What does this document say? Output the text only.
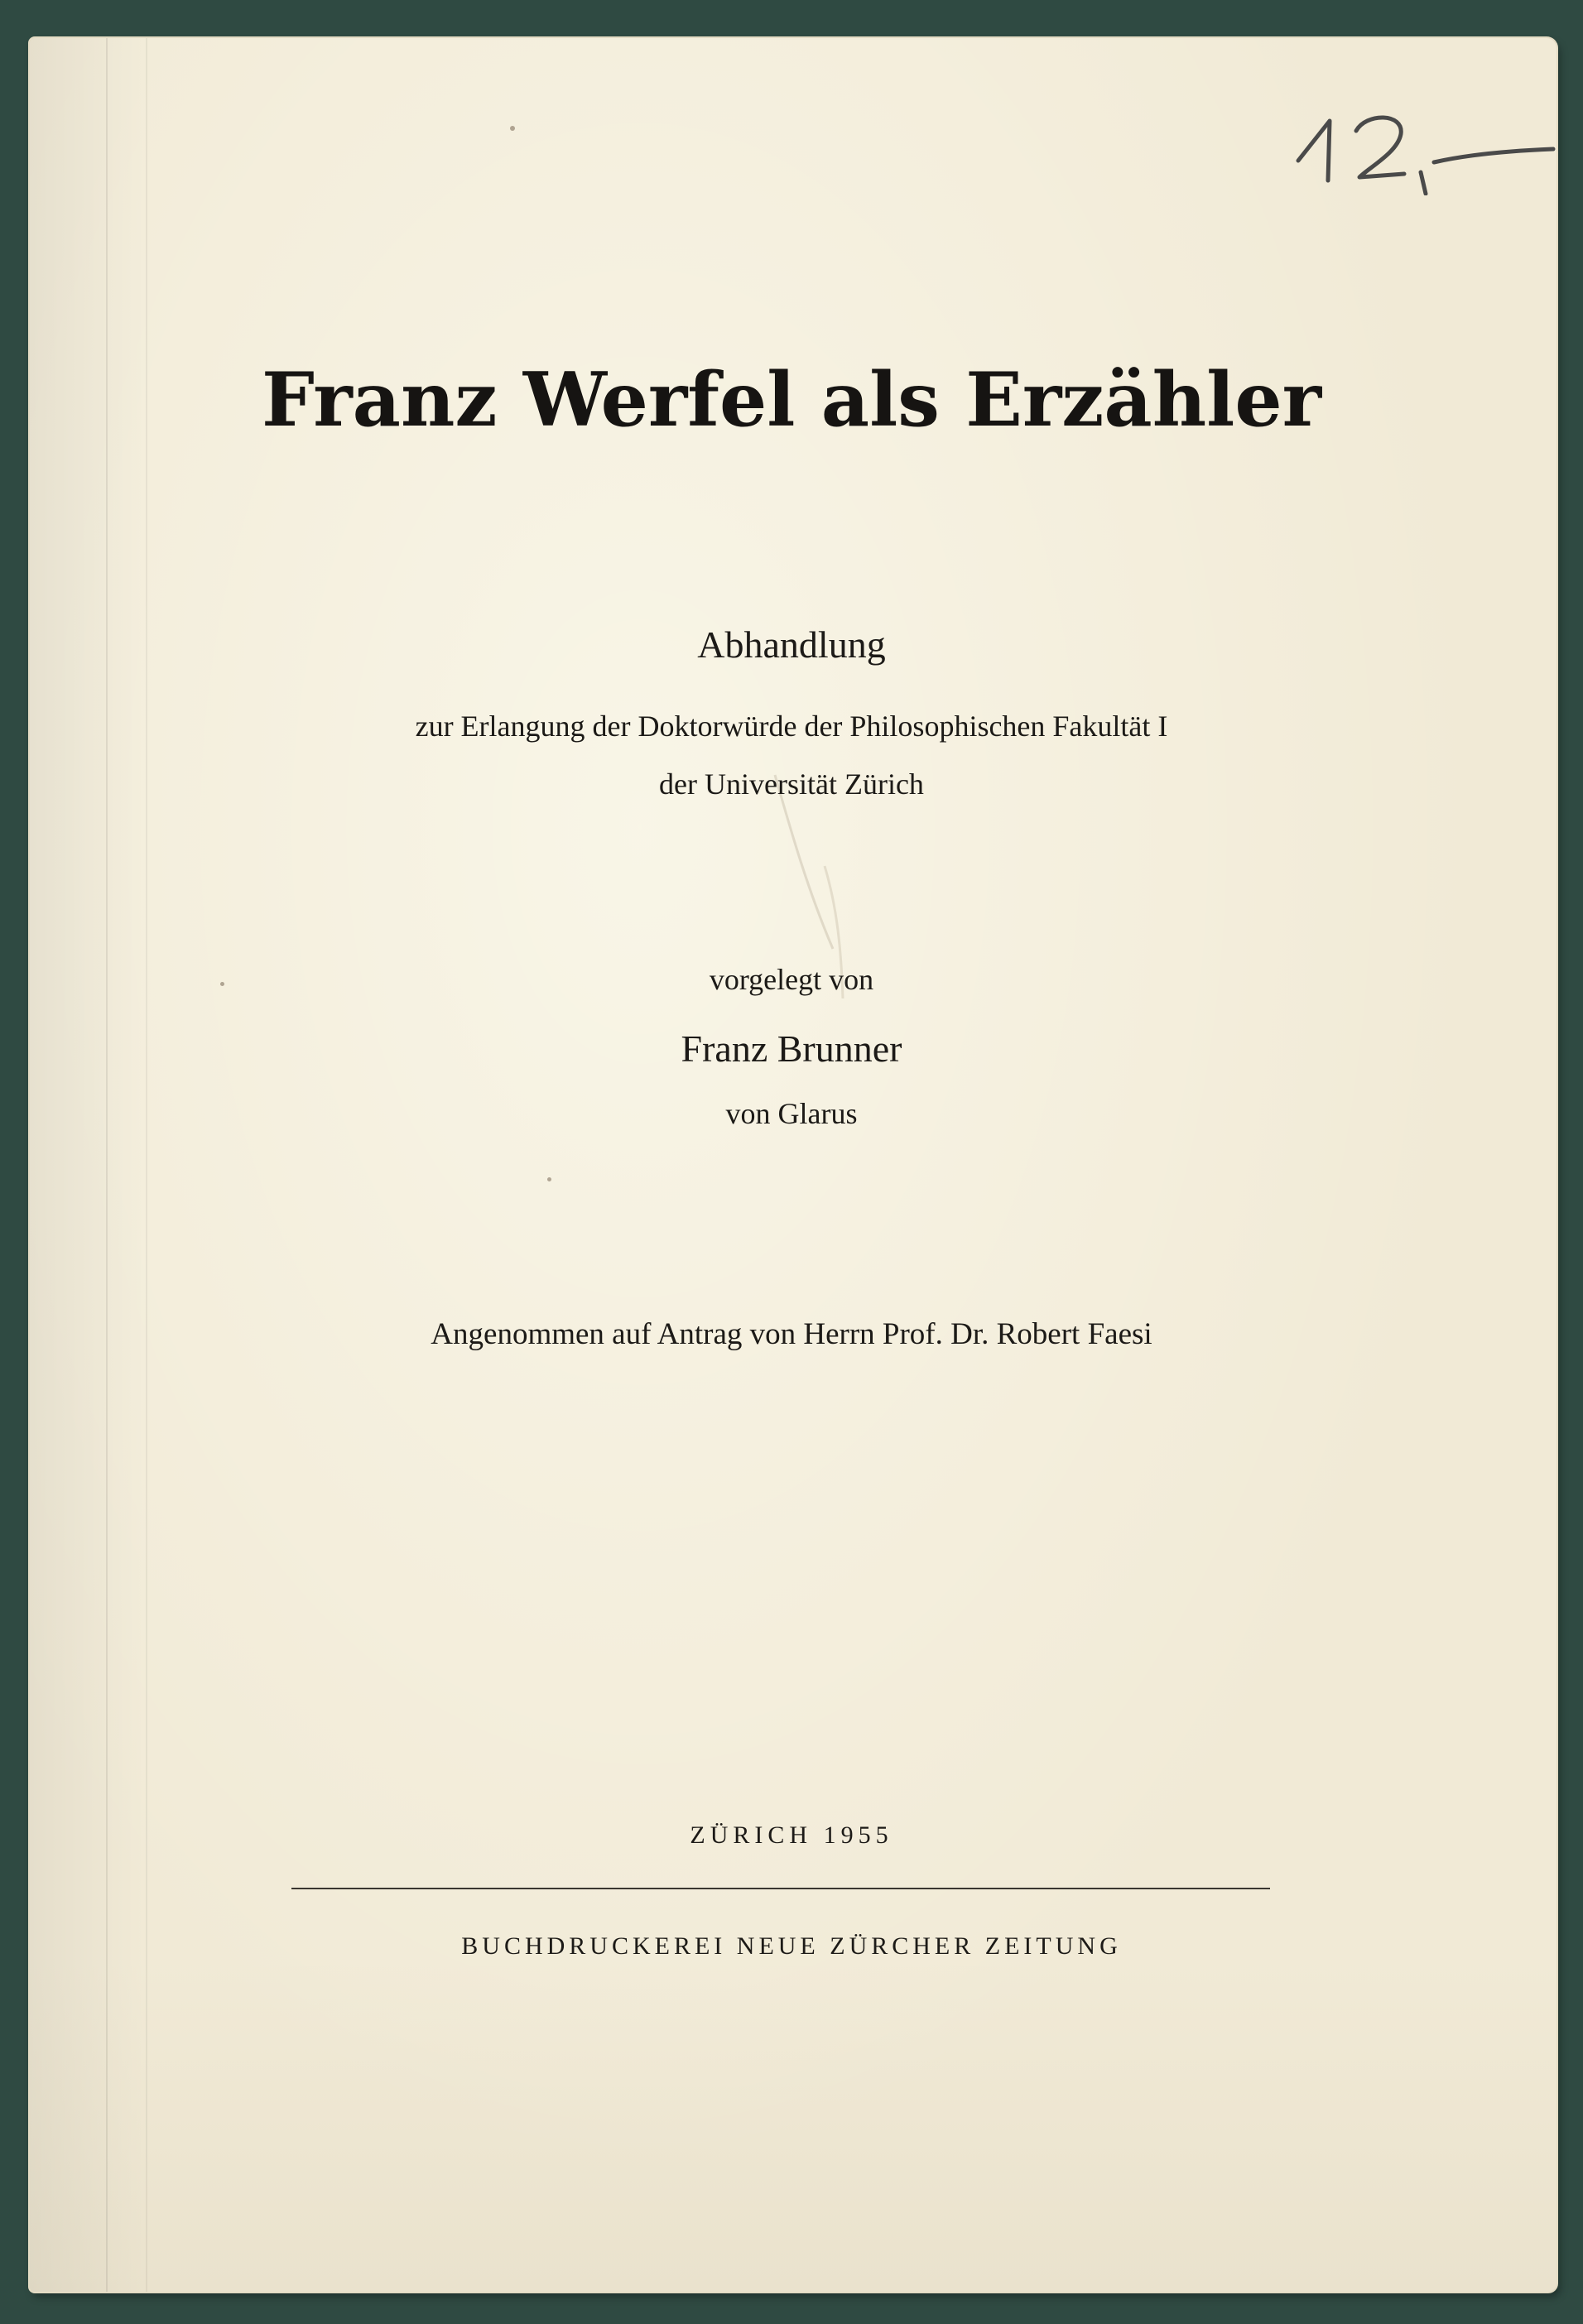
Franz Werfel als Erzähler
Abhandlung
zur Erlangung der Doktorwürde der Philosophischen Fakultät I
der Universität Zürich
vorgelegt von
Franz Brunner
von Glarus
Angenommen auf Antrag von Herrn Prof. Dr. Robert Faesi
ZÜRICH 1955
BUCHDRUCKEREI NEUE ZÜRCHER ZEITUNG
